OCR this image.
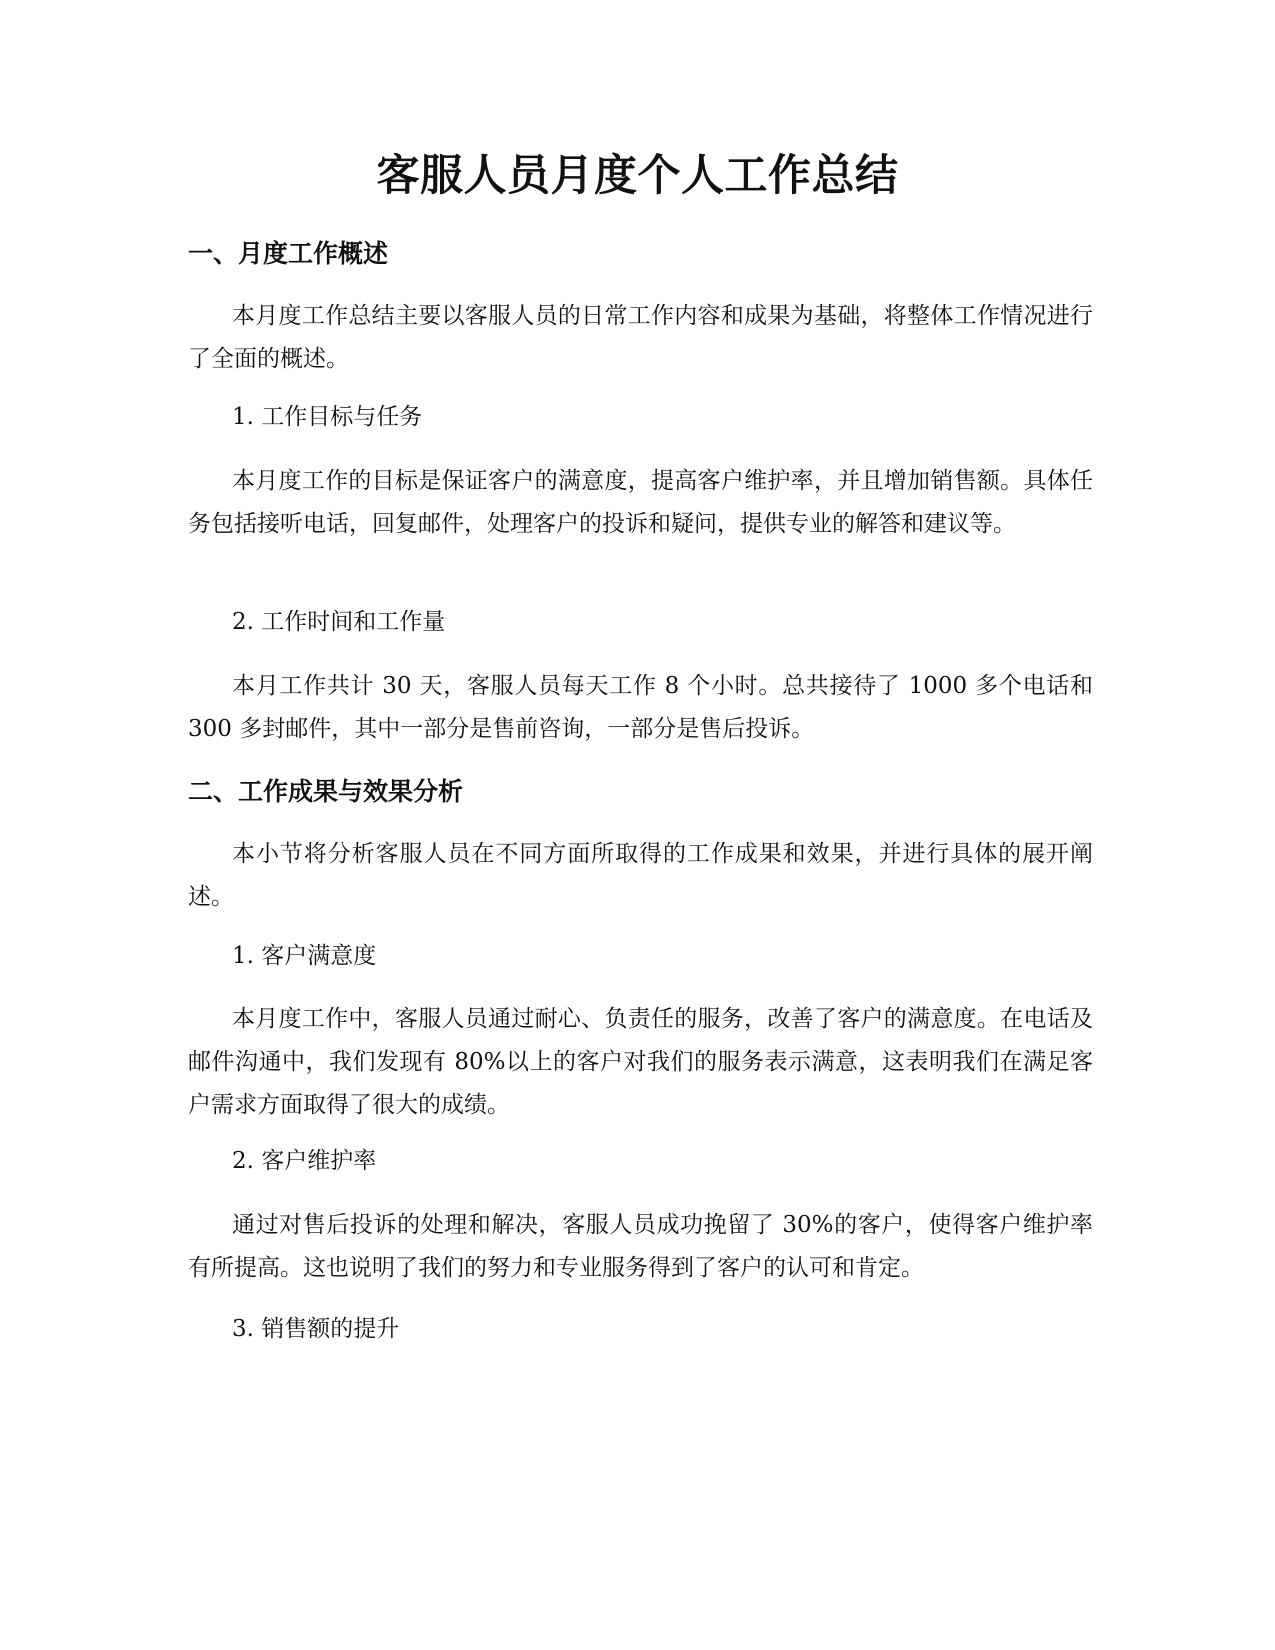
客服人员月度个人工作总结
一、月度工作概述

本月度工作总结主要以客服人员的日常工作内容和成果为基础，将整体工作情况进行了全面的概述。

1. 工作目标与任务

本月度工作的目标是保证客户的满意度，提高客户维护率，并且增加销售额。具体任务包括接听电话，回复邮件，处理客户的投诉和疑问，提供专业的解答和建议等。

2. 工作时间和工作量

本月工作共计 30 天，客服人员每天工作 8 个小时。总共接待了 1000 多个电话和 300 多封邮件，其中一部分是售前咨询，一部分是售后投诉。

二、工作成果与效果分析

本小节将分析客服人员在不同方面所取得的工作成果和效果，并进行具体的展开阐述。

1. 客户满意度

本月度工作中，客服人员通过耐心、负责任的服务，改善了客户的满意度。在电话及邮件沟通中，我们发现有 80%以上的客户对我们的服务表示满意，这表明我们在满足客户需求方面取得了很大的成绩。

2. 客户维护率

通过对售后投诉的处理和解决，客服人员成功挽留了 30%的客户，使得客户维护率有所提高。这也说明了我们的努力和专业服务得到了客户的认可和肯定。

3. 销售额的提升
